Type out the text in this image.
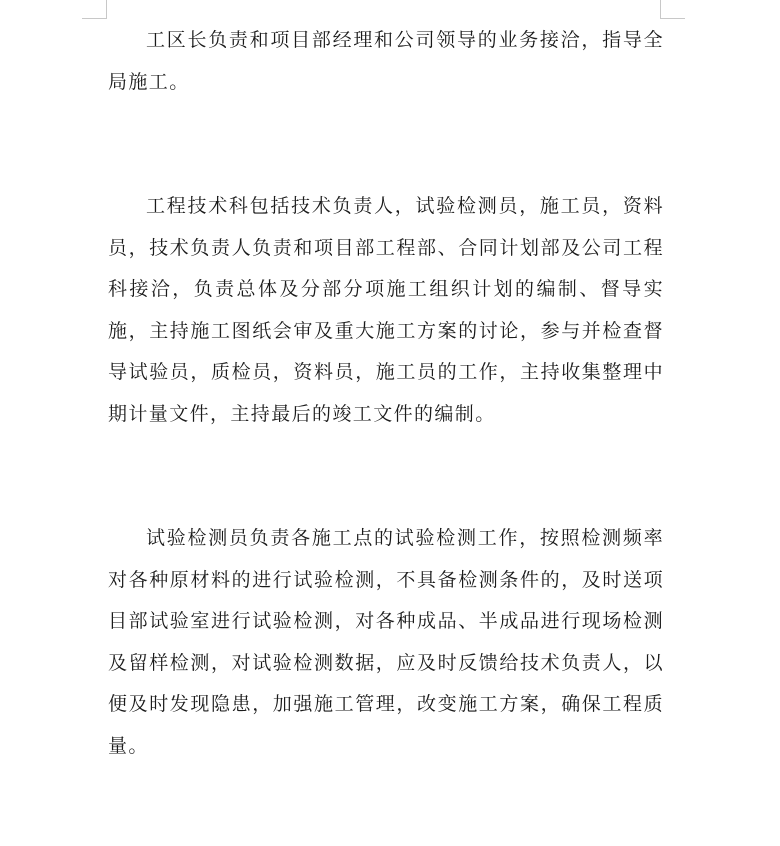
工区长负责和项目部经理和公司领导的业务接洽，指导全局施工。

工程技术科包括技术负责人，试验检测员，施工员，资料员，技术负责人负责和项目部工程部、合同计划部及公司工程科接洽，负责总体及分部分项施工组织计划的编制、督导实施，主持施工图纸会审及重大施工方案的讨论，参与并检查督导试验员，质检员，资料员，施工员的工作，主持收集整理中期计量文件，主持最后的竣工文件的编制。

试验检测员负责各施工点的试验检测工作，按照检测频率对各种原材料的进行试验检测，不具备检测条件的，及时送项目部试验室进行试验检测，对各种成品、半成品进行现场检测及留样检测，对试验检测数据，应及时反馈给技术负责人，以便及时发现隐患，加强施工管理，改变施工方案，确保工程质量。
